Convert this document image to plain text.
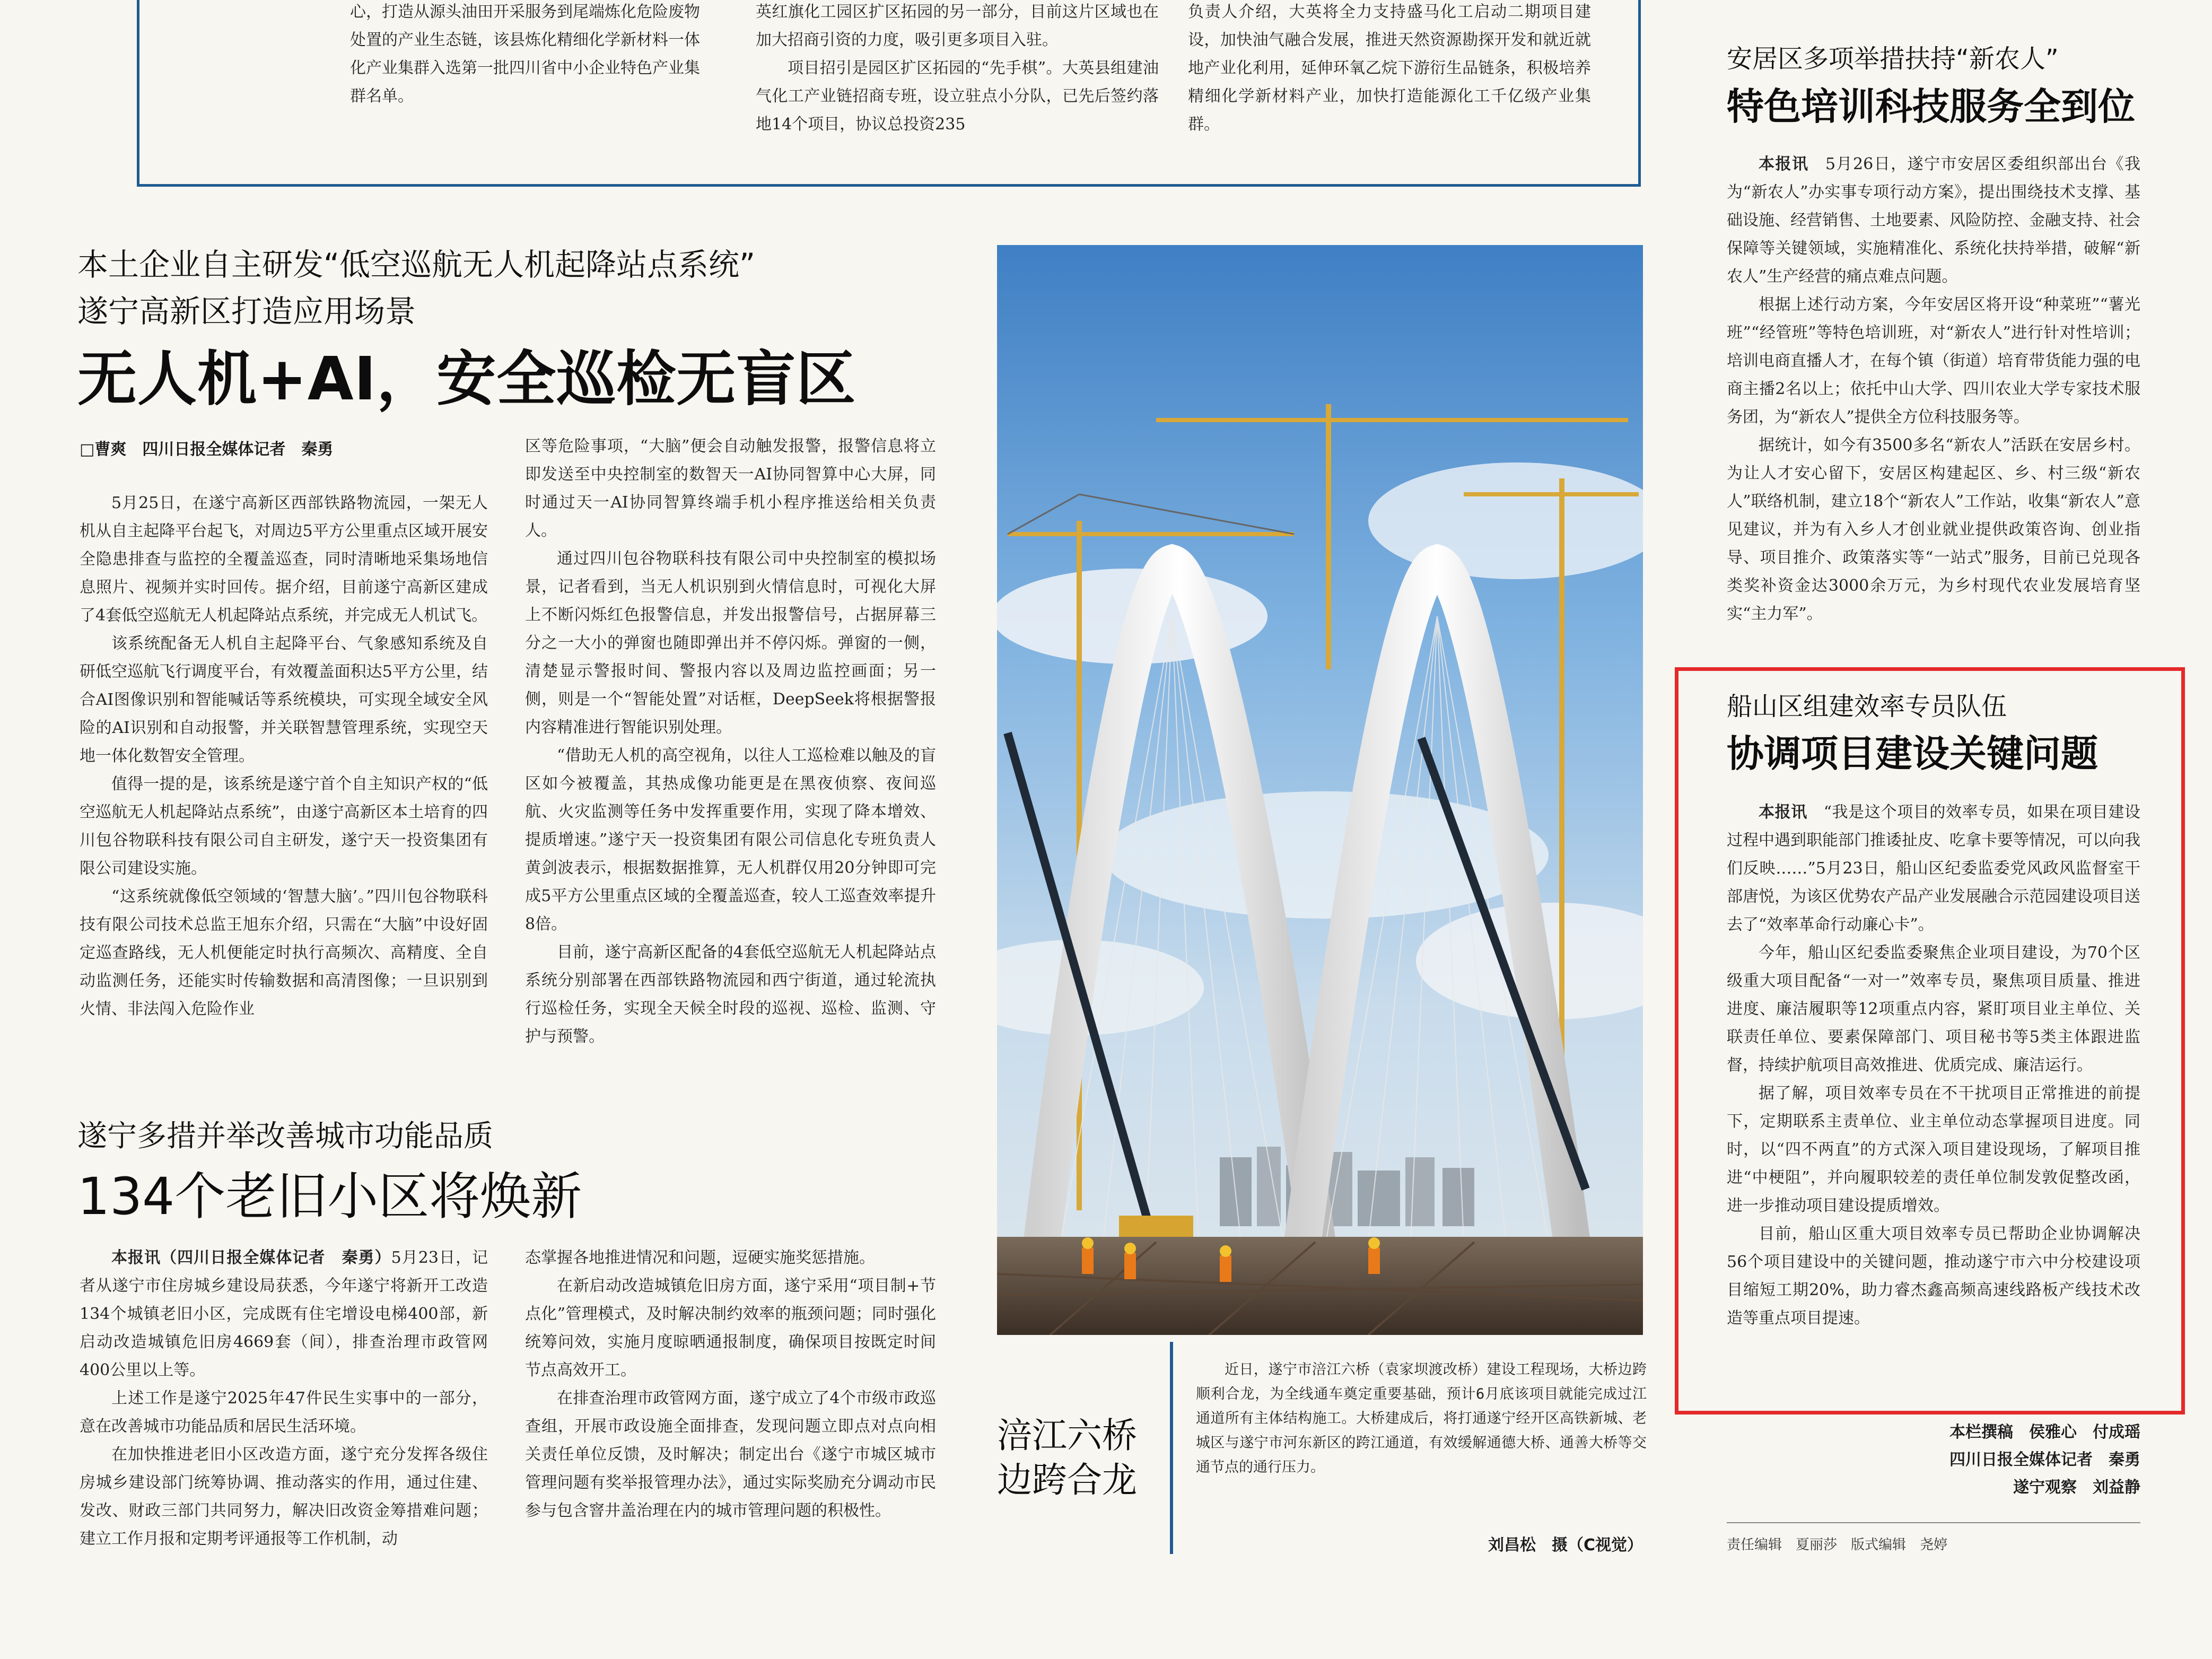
心，打造从源头油田开采服务到尾端炼化危险废物处置的产业生态链，该县炼化精细化学新材料一体化产业集群入选第一批四川省中小企业特色产业集群名单。
英红旗化工园区扩区拓园的另一部分，目前这片区域也在加大招商引资的力度，吸引更多项目入驻。
项目招引是园区扩区拓园的“先手棋”。大英县组建油气化工产业链招商专班，设立驻点小分队，已先后签约落地14个项目，协议总投资235
负责人介绍，大英将全力支持盛马化工启动二期项目建设，加快油气融合发展，推进天然资源勘探开发和就近就地产业化利用，延伸环氧乙烷下游衍生品链条，积极培养精细化学新材料产业，加快打造能源化工千亿级产业集群。
本土企业自主研发“低空巡航无人机起降站点系统”
遂宁高新区打造应用场景
无人机+AI，安全巡检无盲区
□曹爽　四川日报全媒体记者　秦勇

5月25日，在遂宁高新区西部铁路物流园，一架无人机从自主起降平台起飞，对周边5平方公里重点区域开展安全隐患排查与监控的全覆盖巡查，同时清晰地采集场地信息照片、视频并实时回传。据介绍，目前遂宁高新区建成了4套低空巡航无人机起降站点系统，并完成无人机试飞。

该系统配备无人机自主起降平台、气象感知系统及自研低空巡航飞行调度平台，有效覆盖面积达5平方公里，结合AI图像识别和智能喊话等系统模块，可实现全域安全风险的AI识别和自动报警，并关联智慧管理系统，实现空天地一体化数智安全管理。

值得一提的是，该系统是遂宁首个自主知识产权的“低空巡航无人机起降站点系统”，由遂宁高新区本土培育的四川包谷物联科技有限公司自主研发，遂宁天一投资集团有限公司建设实施。

“这系统就像低空领域的‘智慧大脑’。”四川包谷物联科技有限公司技术总监王旭东介绍，只需在“大脑”中设好固定巡查路线，无人机便能定时执行高频次、高精度、全自动监测任务，还能实时传输数据和高清图像；一旦识别到火情、非法闯入危险作业

区等危险事项，“大脑”便会自动触发报警，报警信息将立即发送至中央控制室的数智天一AI协同智算中心大屏，同时通过天一AI协同智算终端手机小程序推送给相关负责人。

通过四川包谷物联科技有限公司中央控制室的模拟场景，记者看到，当无人机识别到火情信息时，可视化大屏上不断闪烁红色报警信息，并发出报警信号，占据屏幕三分之一大小的弹窗也随即弹出并不停闪烁。弹窗的一侧，清楚显示警报时间、警报内容以及周边监控画面；另一侧，则是一个“智能处置”对话框，DeepSeek将根据警报内容精准进行智能识别处理。

“借助无人机的高空视角，以往人工巡检难以触及的盲区如今被覆盖，其热成像功能更是在黑夜侦察、夜间巡航、火灾监测等任务中发挥重要作用，实现了降本增效、提质增速。”遂宁天一投资集团有限公司信息化专班负责人黄剑波表示，根据数据推算，无人机群仅用20分钟即可完成5平方公里重点区域的全覆盖巡查，较人工巡查效率提升8倍。

目前，遂宁高新区配备的4套低空巡航无人机起降站点系统分别部署在西部铁路物流园和西宁街道，通过轮流执行巡检任务，实现全天候全时段的巡视、巡检、监测、守护与预警。

遂宁多措并举改善城市功能品质
134个老旧小区将焕新

本报讯（四川日报全媒体记者　秦勇）5月23日，记者从遂宁市住房城乡建设局获悉，今年遂宁将新开工改造134个城镇老旧小区，完成既有住宅增设电梯400部，新启动改造城镇危旧房4669套（间），排查治理市政管网400公里以上等。

上述工作是遂宁2025年47件民生实事中的一部分，意在改善城市功能品质和居民生活环境。

在加快推进老旧小区改造方面，遂宁充分发挥各级住房城乡建设部门统筹协调、推动落实的作用，通过住建、发改、财政三部门共同努力，解决旧改资金筹措难问题；建立工作月报和定期考评通报等工作机制，动

态掌握各地推进情况和问题，逗硬实施奖惩措施。

在新启动改造城镇危旧房方面，遂宁采用“项目制+节点化”管理模式，及时解决制约效率的瓶颈问题；同时强化统筹问效，实施月度晾晒通报制度，确保项目按既定时间节点高效开工。

在排查治理市政管网方面，遂宁成立了4个市级市政巡查组，开展市政设施全面排查，发现问题立即点对点向相关责任单位反馈，及时解决；制定出台《遂宁市城区城市管理问题有奖举报管理办法》，通过实际奖励充分调动市民参与包含窨井盖治理在内的城市管理问题的积极性。

涪江六桥
边跨合龙
近日，遂宁市涪江六桥（袁家坝渡改桥）建设工程现场，大桥边跨顺利合龙，为全线通车奠定重要基础，预计6月底该项目就能完成过江通道所有主体结构施工。大桥建成后，将打通遂宁经开区高铁新城、老城区与遂宁市河东新区的跨江通道，有效缓解通德大桥、通善大桥等交通节点的通行压力。
刘昌松　摄（C视觉）
安居区多项举措扶持“新农人”
特色培训科技服务全到位

本报讯　 5月26日，遂宁市安居区委组织部出台《我为“新农人”办实事专项行动方案》，提出围绕技术支撑、基础设施、经营销售、土地要素、风险防控、金融支持、社会保障等关键领域，实施精准化、系统化扶持举措，破解“新农人”生产经营的痛点难点问题。

根据上述行动方案，今年安居区将开设“种菜班”“薯光班”“经管班”等特色培训班，对“新农人”进行针对性培训；培训电商直播人才，在每个镇（街道）培育带货能力强的电商主播2名以上；依托中山大学、四川农业大学专家技术服务团，为“新农人”提供全方位科技服务等。

据统计，如今有3500多名“新农人”活跃在安居乡村。为让人才安心留下，安居区构建起区、乡、村三级“新农人”联络机制，建立18个“新农人”工作站，收集“新农人”意见建议，并为有入乡人才创业就业提供政策咨询、创业指导、项目推介、政策落实等“一站式”服务，目前已兑现各类奖补资金达3000余万元，为乡村现代农业发展培育坚实“主力军”。

船山区组建效率专员队伍
协调项目建设关键问题

本报讯　 “我是这个项目的效率专员，如果在项目建设过程中遇到职能部门推诿扯皮、吃拿卡要等情况，可以向我们反映……”5月23日，船山区纪委监委党风政风监督室干部唐悦，为该区优势农产品产业发展融合示范园建设项目送去了“效率革命行动廉心卡”。

今年，船山区纪委监委聚焦企业项目建设，为70个区级重大项目配备“一对一”效率专员，聚焦项目质量、推进进度、廉洁履职等12项重点内容，紧盯项目业主单位、关联责任单位、要素保障部门、项目秘书等5类主体跟进监督，持续护航项目高效推进、优质完成、廉洁运行。

据了解，项目效率专员在不干扰项目正常推进的前提下，定期联系主责单位、业主单位动态掌握项目进度。同时，以“四不两直”的方式深入项目建设现场，了解项目推进“中梗阻”，并向履职较差的责任单位制发敦促整改函，进一步推动项目建设提质增效。

目前，船山区重大项目效率专员已帮助企业协调解决56个项目建设中的关键问题，推动遂宁市六中分校建设项目缩短工期20%，助力睿杰鑫高频高速线路板产线技术改造等重点项目提速。

本栏撰稿　侯雅心　付成瑶
四川日报全媒体记者　秦勇
遂宁观察　刘益静
责任编辑　夏丽莎　版式编辑　尧婷
